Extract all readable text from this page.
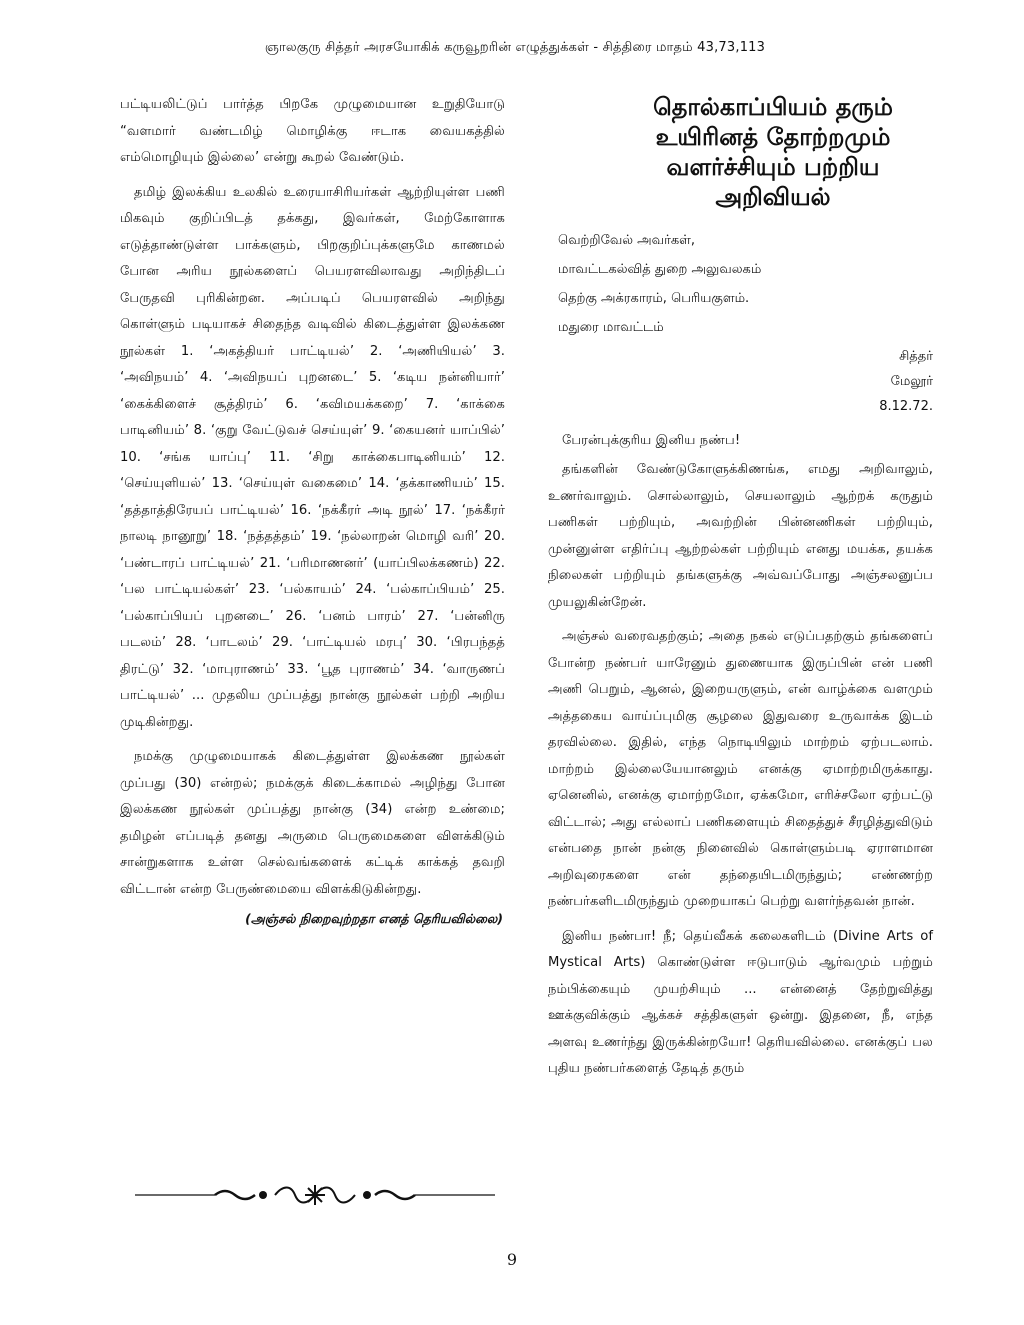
ஞாலகுரு சித்தர் அரசயோகிக் கருவூறரின் எழுத்துக்கள் - சித்திரை மாதம் 43,73,113

பட்டியலிட்டுப் பார்த்த பிறகே முழுமையான உறுதியோடு “வளமார் வண்டமிழ் மொழிக்கு ஈடாக வையகத்தில் எம்மொழியும் இல்லை’ என்று கூறல் வேண்டும்.

தமிழ் இலக்கிய உலகில் உரையாசிரியர்கள் ஆற்றியுள்ள பணி மிகவும் குறிப்பிடத் தக்கது, இவர்கள், மேற்கோளாக எடுத்தாண்டுள்ள பாக்களும், பிறகுறிப்புக்களுமே காணமல் போன அரிய நூல்களைப் பெயரளவிலாவது அறிந்திடப் பேருதவி புரிகின்றன. அப்படிப் பெயரளவில் அறிந்து கொள்ளும் படியாகச் சிதைந்த வடிவில் கிடைத்துள்ள இலக்கண நூல்கள் 1. ‘அகத்தியர் பாட்டியல்’ 2. ‘அணியியல்’ 3. ‘அவிநயம்’ 4. ‘அவிநயப் புறனடை’ 5. ‘கடிய நன்னியார்’ ‘கைக்கிளைச் சூத்திரம்’ 6. ‘கவிமயக்கறை’ 7. ‘காக்கை பாடினியம்’ 8. ‘குறு வேட்டுவச் செய்யுள்’ 9. ‘கையனர் யாப்பில்’ 10. ‘சங்க யாப்பு’ 11. ‘சிறு காக்கைபாடினியம்’ 12. ‘செய்யுளியல்’ 13. ‘செய்யுள் வகைமை’ 14. ‘தக்காணியம்’ 15. ‘தத்தாத்திரேயப் பாட்டியல்’ 16. ‘நக்கீரர் அடி நூல்’ 17. ‘நக்கீரர் நாலடி நானூறு’ 18. ‘நத்தத்தம்’ 19. ‘நல்லாறன் மொழி வரி’ 20. ‘பண்டாரப் பாட்டியல்’ 21. ‘பரிமாணனர்’ (யாப்பிலக்கணம்) 22. ‘பல பாட்டியல்கள்’ 23. ‘பல்காயம்’ 24. ‘பல்காப்பியம்’ 25. ‘பல்காப்பியப் புறனடை’ 26. ‘பனம் பாரம்’ 27. ‘பன்னிரு படலம்’ 28. ‘பாடலம்’ 29. ‘பாட்டியல் மரபு’ 30. ‘பிரபந்தத் திரட்டு’ 32. ‘மாபுராணம்’ 33. ‘பூத புராணம்’ 34. ‘வாருணப் பாட்டியல்’ ... முதலிய முப்பத்து நான்கு நூல்கள் பற்றி அறிய முடிகின்றது.

நமக்கு முழுமையாகக் கிடைத்துள்ள இலக்கண நூல்கள் முப்பது (30) என்றல்; நமக்குக் கிடைக்காமல் அழிந்து போன இலக்கண நூல்கள் முப்பத்து நான்கு (34) என்ற உண்மை; தமிழன் எப்படித் தனது அருமை பெருமைகளை விளக்கிடும் சான்றுகளாக உள்ள செல்வங்களைக் கட்டிக் காக்கத் தவறி விட்டான் என்ற பேருண்மையை விளக்கிடுகின்றது.

(அஞ்சல் நிறைவுற்றதா எனத் தெரியவில்லை)
தொல்காப்பியம் தரும் உயிரினத் தோற்றமும் வளர்ச்சியும் பற்றிய அறிவியல்
வெற்றிவேல் அவர்கள்,
மாவட்டகல்வித் துறை அலுவலகம்
தெற்கு அக்ரகாரம், பெரியகுளம்.
மதுரை மாவட்டம்
சித்தர்
மேலூர்
8.12.72.
பேரன்புக்குரிய இனிய நண்ப!

தங்களின் வேண்டுகோளுக்கிணங்க, எமது அறிவாலும், உணர்வாலும். சொல்லாலும், செயலாலும் ஆற்றக் கருதும் பணிகள் பற்றியும், அவற்றின் பின்னணிகள் பற்றியும், முன்னுள்ள எதிர்ப்பு ஆற்றல்கள் பற்றியும் எனது மயக்க, தயக்க நிலைகள் பற்றியும் தங்களுக்கு அவ்வப்போது அஞ்சலனுப்ப முயலுகின்றேன்.

அஞ்சல் வரைவதற்கும்; அதை நகல் எடுப்பதற்கும் தங்களைப் போன்ற நண்பர் யாரேனும் துணையாக இருப்பின் என் பணி அணி பெறும், ஆனல், இறையருளும், என் வாழ்க்கை வளமும் அத்தகைய வாய்ப்புமிகு சூழலை இதுவரை உருவாக்க இடம் தரவில்லை. இதில், எந்த நொடியிலும் மாற்றம் ஏற்படலாம். மாற்றம் இல்லையேயானலும் எனக்கு ஏமாற்றமிருக்காது. ஏனெனில், எனக்கு ஏமாற்றமோ, ஏக்கமோ, எரிச்சலோ ஏற்பட்டு விட்டால்; அது எல்லாப் பணிகளையும் சிதைத்துச் சீரழித்துவிடும் என்பதை நான் நன்கு நினைவில் கொள்ளும்படி ஏராளமான அறிவுரைகளை என் தந்தையிடமிருந்தும்; எண்ணற்ற நண்பர்களிடமிருந்தும் முறையாகப் பெற்று வளர்ந்தவன் நான்.

இனிய நண்பா! நீ; தெய்வீகக் கலைகளிடம் (Divine Arts of Mystical Arts) கொண்டுள்ள ஈடுபாடும் ஆர்வமும் பற்றும் நம்பிக்கையும் முயற்சியும் ... என்னைத் தேற்றுவித்து ஊக்குவிக்கும் ஆக்கச் சத்திகளுள் ஒன்று. இதனை, நீ, எந்த அளவு உணர்ந்து இருக்கின்றயோ! தெரியவில்லை. எனக்குப் பல புதிய நண்பர்களைத் தேடித் தரும்

9
